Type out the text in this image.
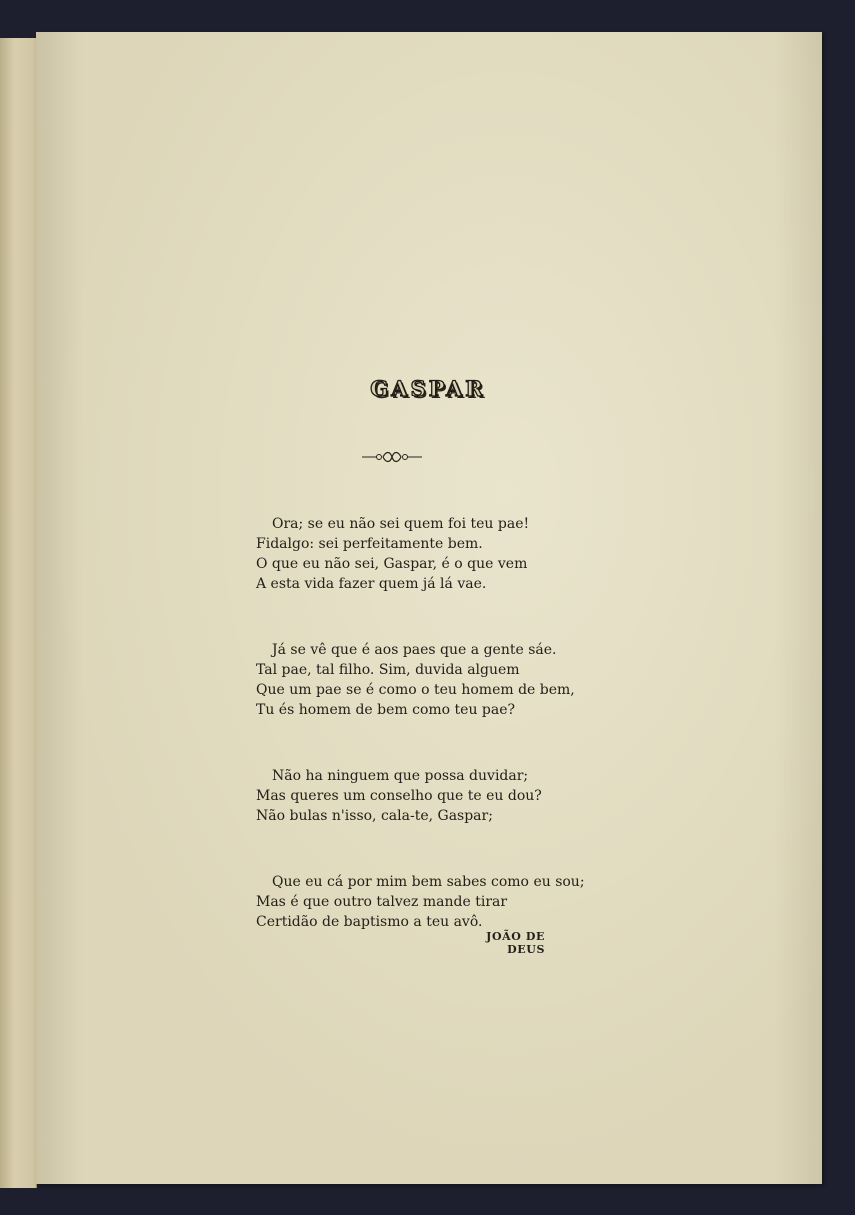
GASPAR
Ora; se eu não sei quem foi teu pae!
Fidalgo: sei perfeitamente bem.
O que eu não sei, Gaspar, é o que vem
A esta vida fazer quem já lá vae.
Já se vê que é aos paes que a gente sáe.
Tal pae, tal filho. Sim, duvida alguem
Que um pae se é como o teu homem de bem,
Tu és homem de bem como teu pae?
Não ha ninguem que possa duvidar;
Mas queres um conselho que te eu dou?
Não bulas n'isso, cala-te, Gaspar;
Que eu cá por mim bem sabes como eu sou;
Mas é que outro talvez mande tirar
Certidão de baptismo a teu avô.
JOÃO DE DEUS
